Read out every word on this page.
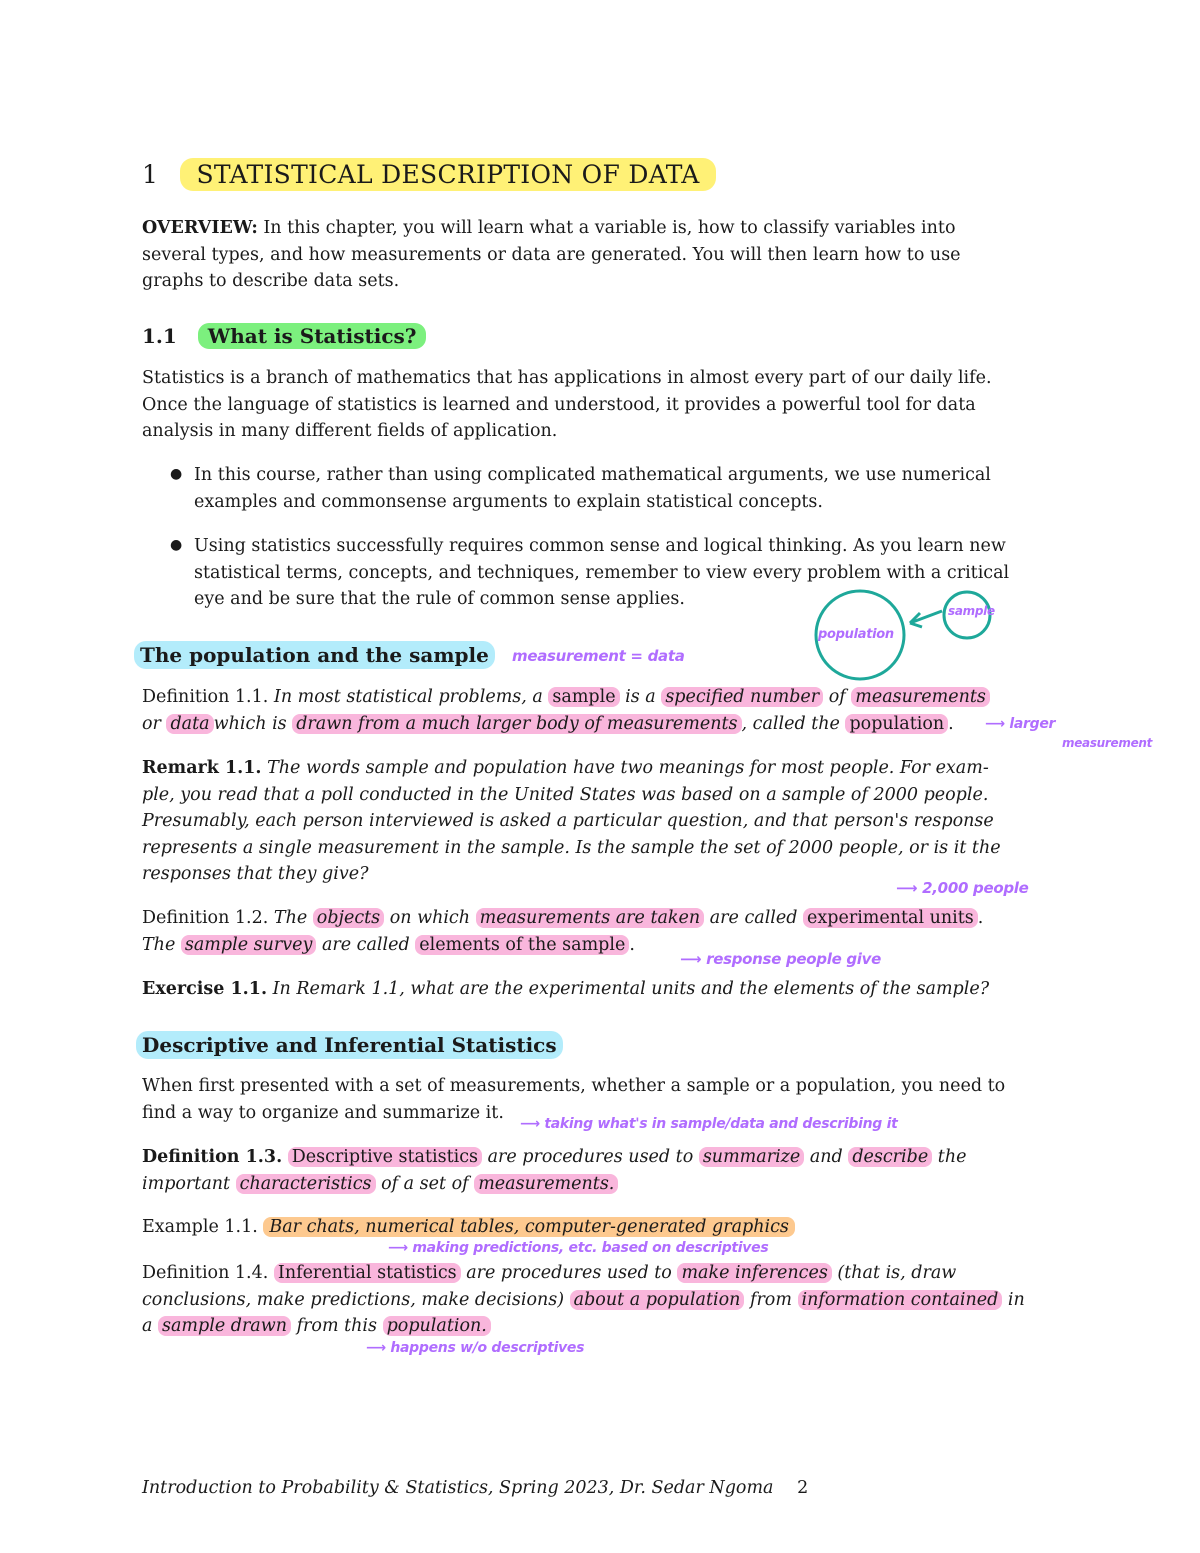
1 STATISTICAL DESCRIPTION OF DATA
OVERVIEW: In this chapter, you will learn what a variable is, how to classify variables into
several types, and how measurements or data are generated. You will then learn how to use
graphs to describe data sets.
1.1 What is Statistics?
Statistics is a branch of mathematics that has applications in almost every part of our daily life.
Once the language of statistics is learned and understood, it provides a powerful tool for data
analysis in many different fields of application.
● In this course, rather than using complicated mathematical arguments, we use numerical
examples and commonsense arguments to explain statistical concepts.
● Using statistics successfully requires common sense and logical thinking. As you learn new
statistical terms, concepts, and techniques, remember to view every problem with a critical
eye and be sure that the rule of common sense applies.
population
sample
The population and the sample	measurement = data
Definition 1.1. In most statistical problems, a sample is a specified number of measurements
or data which is drawn from a much larger body of measurements , called the population .	⟶ larger
measurement
Remark 1.1. The words sample and population have two meanings for most people. For exam-
ple, you read that a poll conducted in the United States was based on a sample of 2000 people.
Presumably, each person interviewed is asked a particular question, and that person's response
represents a single measurement in the sample. Is the sample the set of 2000 people, or is it the
responses that they give?
⟶ 2,000 people
Definition 1.2. The objects on which measurements are taken are called experimental units .
The sample survey are called elements of the sample .
⟶ response people give
Exercise 1.1. In Remark 1.1, what are the experimental units and the elements of the sample?
Descriptive and Inferential Statistics
When first presented with a set of measurements, whether a sample or a population, you need to
find a way to organize and summarize it.
⟶ taking what's in sample/data and describing it
Definition 1.3. Descriptive statistics are procedures used to summarize and describe the
important characteristics of a set of measurements.
Example 1.1. Bar chats, numerical tables, computer-generated graphics
⟶ making predictions, etc. based on descriptives
Definition 1.4. Inferential statistics are procedures used to make inferences (that is, draw
conclusions, make predictions, make decisions) about a population from information contained in
a sample drawn from this population.
⟶ happens w/o descriptives
Introduction to Probability & Statistics, Spring 2023, Dr. Sedar Ngoma 2
